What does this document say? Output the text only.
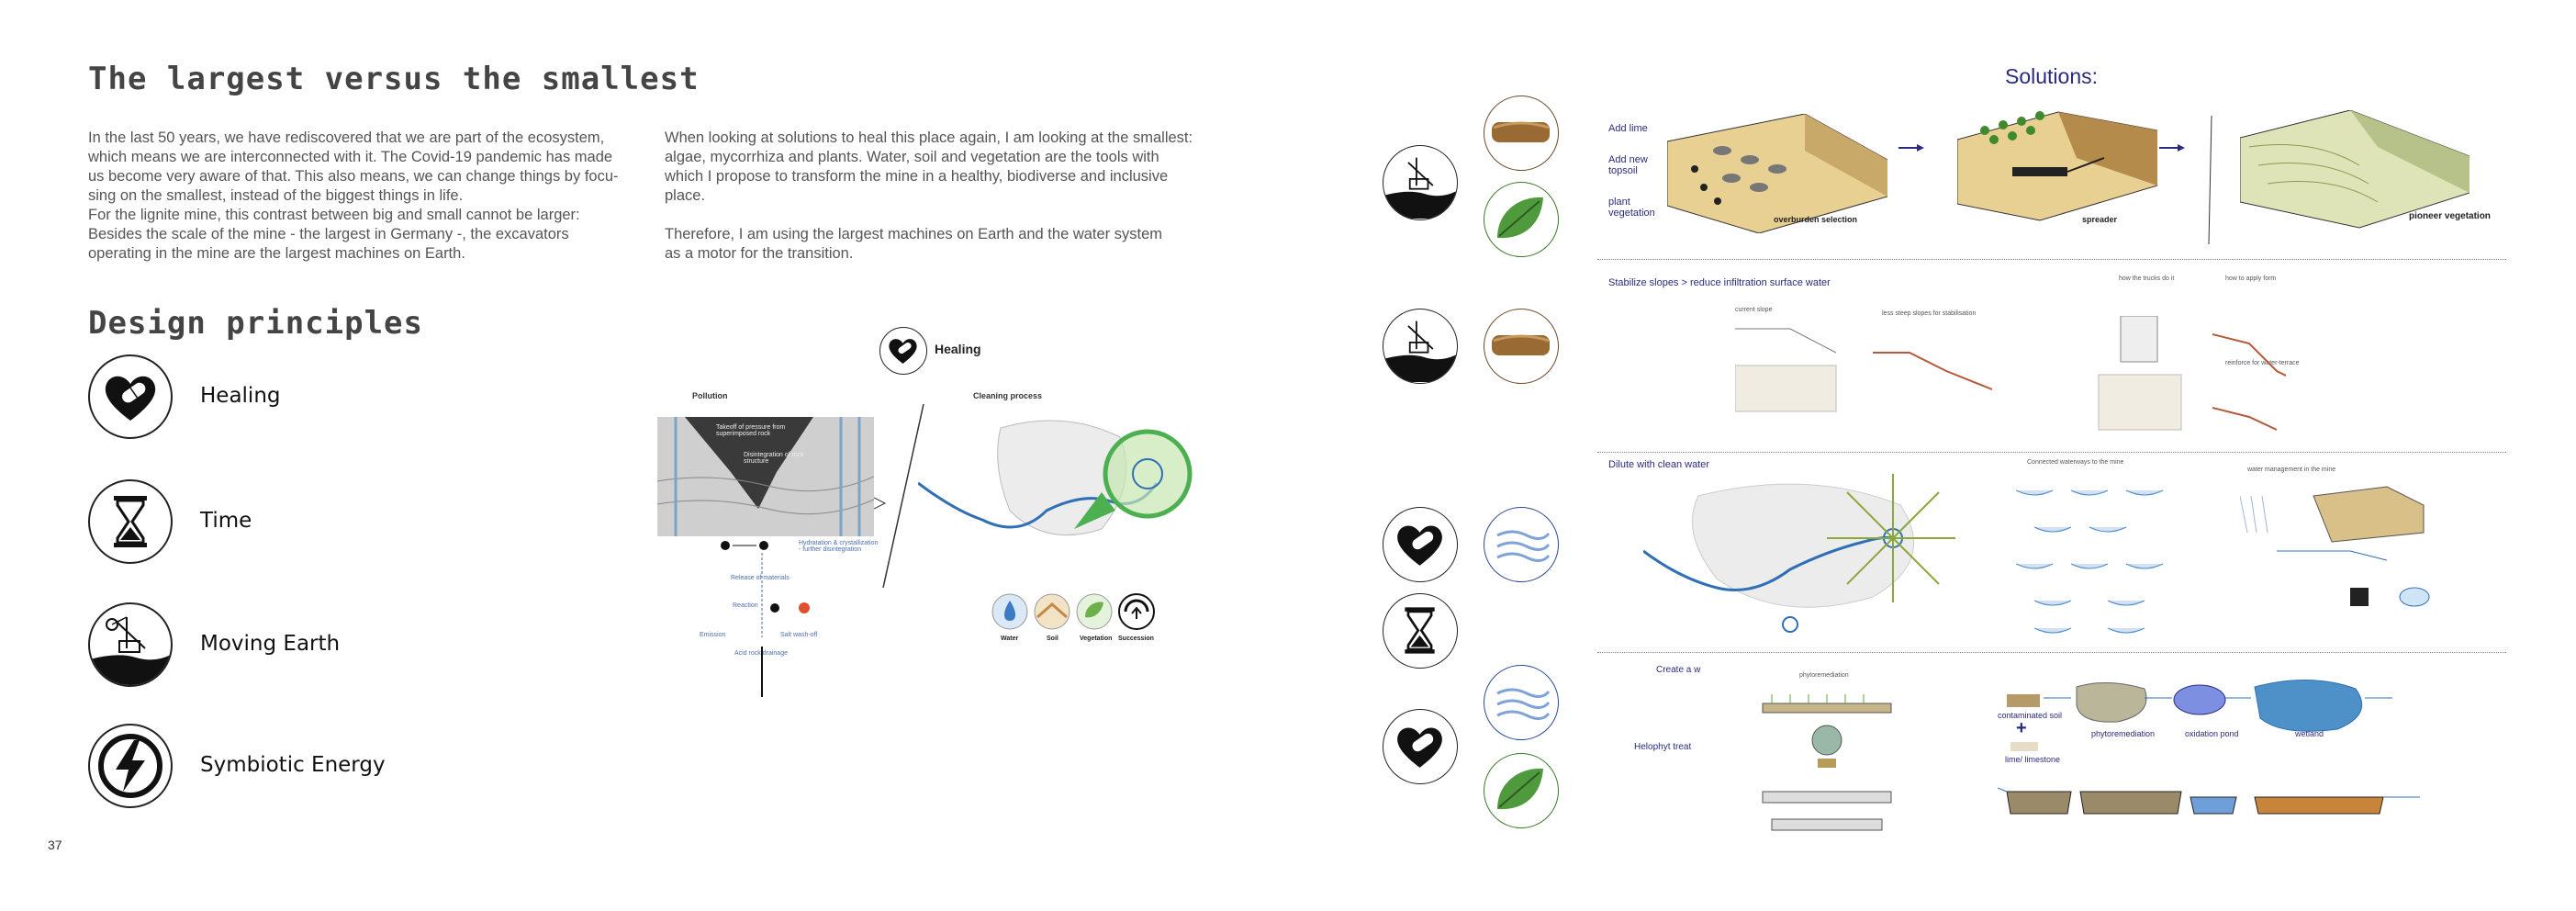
The largest versus the smallest

In the last 50 years, we have rediscovered that we are part of the ecosystem,

which means we are interconnected with it. The Covid-19 pandemic has made

us become very aware of that. This also means, we can change things by focu-

sing on the smallest, instead of the biggest things in life.

For the lignite mine, this contrast between big and small cannot be larger:

Besides the scale of the mine - the largest in Germany -, the excavators

operating in the mine are the largest machines on Earth.

When looking at solutions to heal this place again, I am looking at the smallest:

algae, mycorrhiza and plants. Water, soil and vegetation are the tools with

which I propose to transform the mine in a healthy, biodiverse and inclusive

place.

Therefore, I am using the largest machines on Earth and the water system

as a motor for the transition.

Design principles
Healing
Time
Moving Earth
Symbiotic Energy
37
Healing
Pollution	Cleaning process
Takeoff of pressure from superimposed rock
Disintegration of rock structure
Hydratation & crystallization - further disintegration
Release of materials
Reaction
Emission	Salt wash-off
Acid rock drainage
Water	Soil	Vegetation Succession
Solutions:
Add lime
Add new topsoil
plant vegetation
overburden selection	spreader	pioneer vegetation
Stabilize slopes > reduce infiltration surface water
current slope
less steep slopes for stabilisation
how the trucks do it	how to apply form
reinforce for water-terrace
Dilute with clean water	Connected waterways to the mine
water management in the mine
Create a w
Helophyt treat
phytoremediation
contaminated soil
+
lime/ limestone
phytoremediation	oxidation pond	wetland
